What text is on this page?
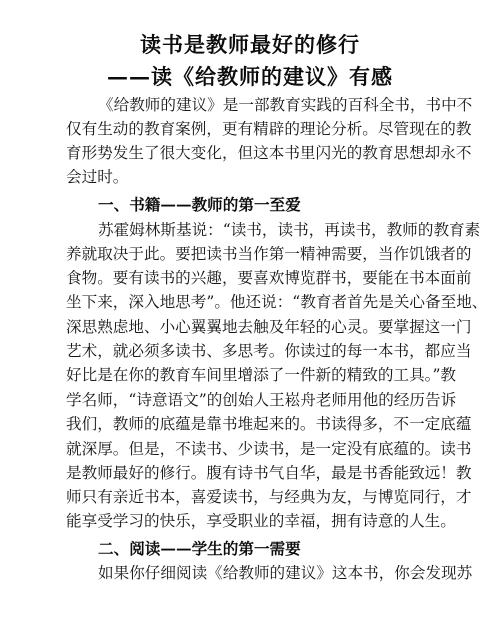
读书是教师最好的修行
——读《给教师的建议》有感
《给教师的建议》是一部教育实践的百科全书，书中不
仅有生动的教育案例，更有精辟的理论分析。尽管现在的教
育形势发生了很大变化，但这本书里闪光的教育思想却永不
会过时。
一、书籍——教师的第一至爱
苏霍姆林斯基说：“读书，读书，再读书，教师的教育素
养就取决于此。要把读书当作第一精神需要，当作饥饿者的
食物。要有读书的兴趣，要喜欢博览群书，要能在书本面前
坐下来，深入地思考”。他还说：“教育者首先是关心备至地、
深思熟虑地、小心翼翼地去触及年轻的心灵。要掌握这一门
艺术，就必须多读书、多思考。你读过的每一本书，都应当
好比是在你的教育车间里增添了一件新的精致的工具。”教
学名师，“诗意语文”的创始人王崧舟老师用他的经历告诉
我们，教师的底蕴是靠书堆起来的。书读得多，不一定底蕴
就深厚。但是，不读书、少读书，是一定没有底蕴的。读书
是教师最好的修行。腹有诗书气自华，最是书香能致远！教
师只有亲近书本，喜爱读书，与经典为友，与博览同行，才
能享受学习的快乐，享受职业的幸福，拥有诗意的人生。
二、阅读——学生的第一需要
如果你仔细阅读《给教师的建议》这本书，你会发现苏
